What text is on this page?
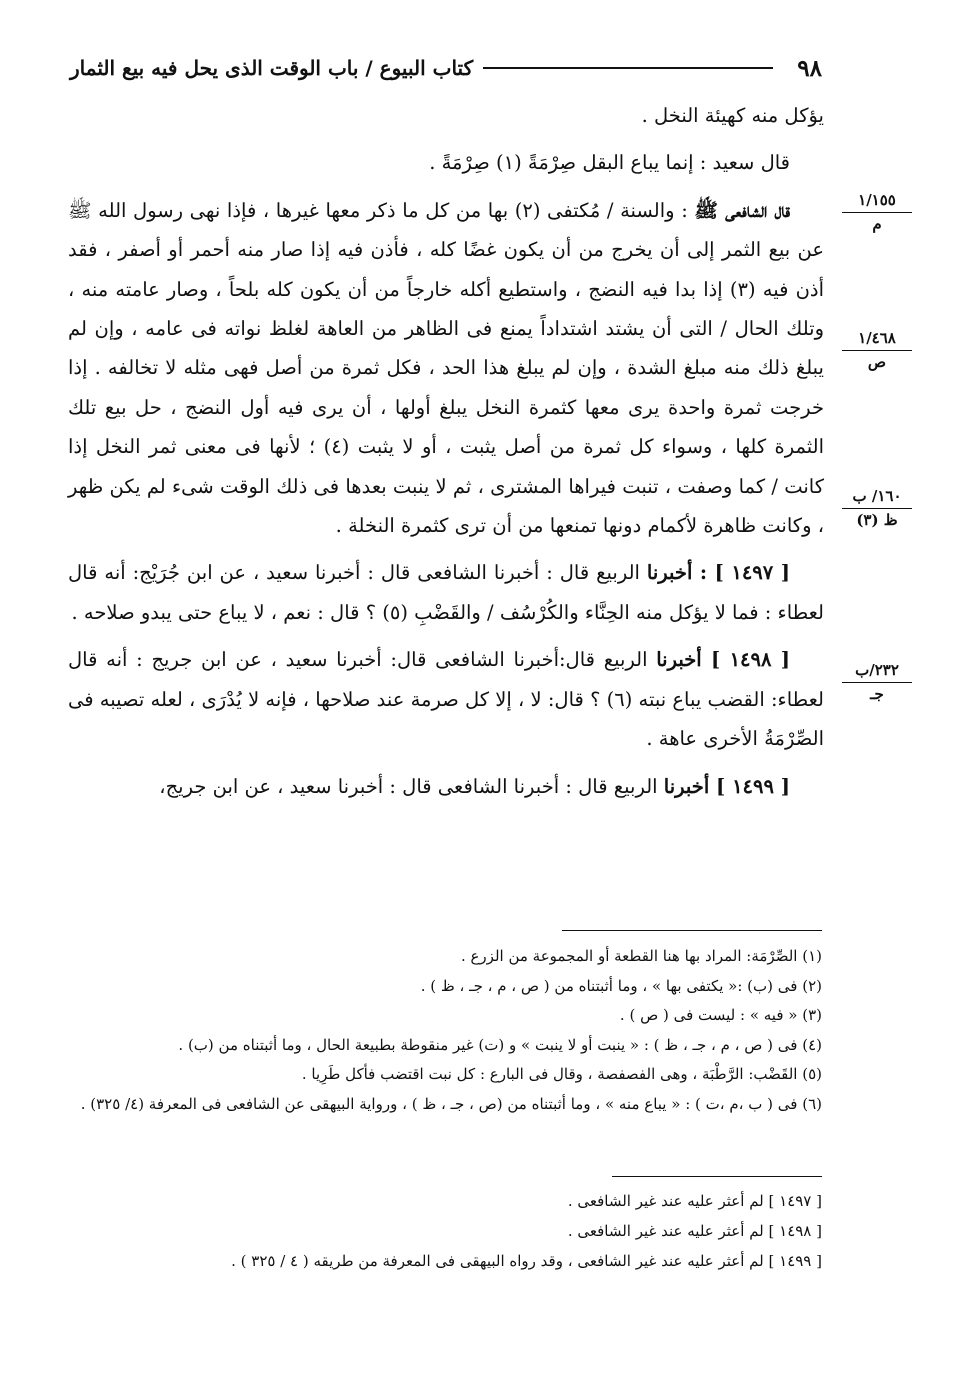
٩٨
كتاب البيوع / باب الوقت الذى يحل فيه بيع الثمار
١/١٥٥
م
١/٤٦٨
ص
١٦٠/ ب
ظ (٣)
٢٣٢/ب
جـ

يؤكل منه كهيئة النخل .

قال سعيد : إنما يباع البقل صِرْمَةً (١) صِرْمَةً .

قال الشافعى ﷺ : والسنة / مُكتفى (٢) بها من كل ما ذكر معها غيرها ، فإذا نهى رسول الله ﷺ عن بيع الثمر إلى أن يخرج من أن يكون غضًا كله ، فأذن فيه إذا صار منه أحمر أو أصفر ، فقد أذن فيه (٣) إذا بدا فيه النضج ، واستطيع أكله خارجاً من أن يكون كله بلحاً ، وصار عامته منه ، وتلك الحال / التى أن يشتد اشتداداً يمنع فى الظاهر من العاهة لغلظ نواته فى عامه ، وإن لم يبلغ ذلك منه مبلغ الشدة ، وإن لم يبلغ هذا الحد ، فكل ثمرة من أصل فهى مثله لا تخالفه . إذا خرجت ثمرة واحدة يرى معها كثمرة النخل يبلغ أولها ، أن يرى فيه أول النضج ، حل بيع تلك الثمرة كلها ، وسواء كل ثمرة من أصل يثبت ، أو لا يثبت (٤) ؛ لأنها فى معنى ثمر النخل إذا كانت / كما وصفت ، تنبت فيراها المشترى ، ثم لا ينبت بعدها فى ذلك الوقت شىء لم يكن ظهر ، وكانت ظاهرة لأكمام دونها تمنعها من أن ترى كثمرة النخلة .

[ ١٤٩٧ ] : أخبرنا الربيع قال : أخبرنا الشافعى قال : أخبرنا سعيد ، عن ابن جُرَيْج: أنه قال لعطاء : فما لا يؤكل منه الحِنَّاء والكُرْسُف / والقَضْبِ (٥) ؟ قال : نعم ، لا يباع حتى يبدو صلاحه .

[ ١٤٩٨ ] أخبرنا الربيع قال:أخبرنا الشافعى قال: أخبرنا سعيد ، عن ابن جريج : أنه قال لعطاء: القضب يباع نبته (٦) ؟ قال: لا ، إلا كل صرمة عند صلاحها ، فإنه لا يُدْرَى ، لعله تصيبه فى الصِّرْمَةُ الأخرى عاهة .

[ ١٤٩٩ ] أخبرنا الربيع قال : أخبرنا الشافعى قال : أخبرنا سعيد ، عن ابن جريج،

(١) الصِّرْمَة: المراد بها هنا القطعة أو المجموعة من الزرع .

(٢) فى (ب) :« يكتفى بها » ، وما أثبتناه من ( ص ، م ، جـ ، ظ ) .

(٣) « فيه » : ليست فى ( ص ) .

(٤) فى ( ص ، م ، جـ ، ظ ) : « ينبت أو لا ينبت » و (ت) غير منقوطة بطبيعة الحال ، وما أثبتناه من (ب) .

(٥) القَضْب: الرَّطْبَة ، وهى الفصفصة ، وقال فى البارع : كل نبت اقتضب فأكل طَرِيا .

(٦) فى ( ب ،م ،ت ) : « يباع منه » ، وما أثبتناه من (ص ، جـ ، ظ ) ، ورواية البيهقى عن الشافعى فى المعرفة (٤/ ٣٢٥) .

[ ١٤٩٧ ] لم أعثر عليه عند غير الشافعى .

[ ١٤٩٨ ] لم أعثر عليه عند غير الشافعى .

[ ١٤٩٩ ] لم أعثر عليه عند غير الشافعى ، وقد رواه البيهقى فى المعرفة من طريقه ( ٤ / ٣٢٥ ) .
